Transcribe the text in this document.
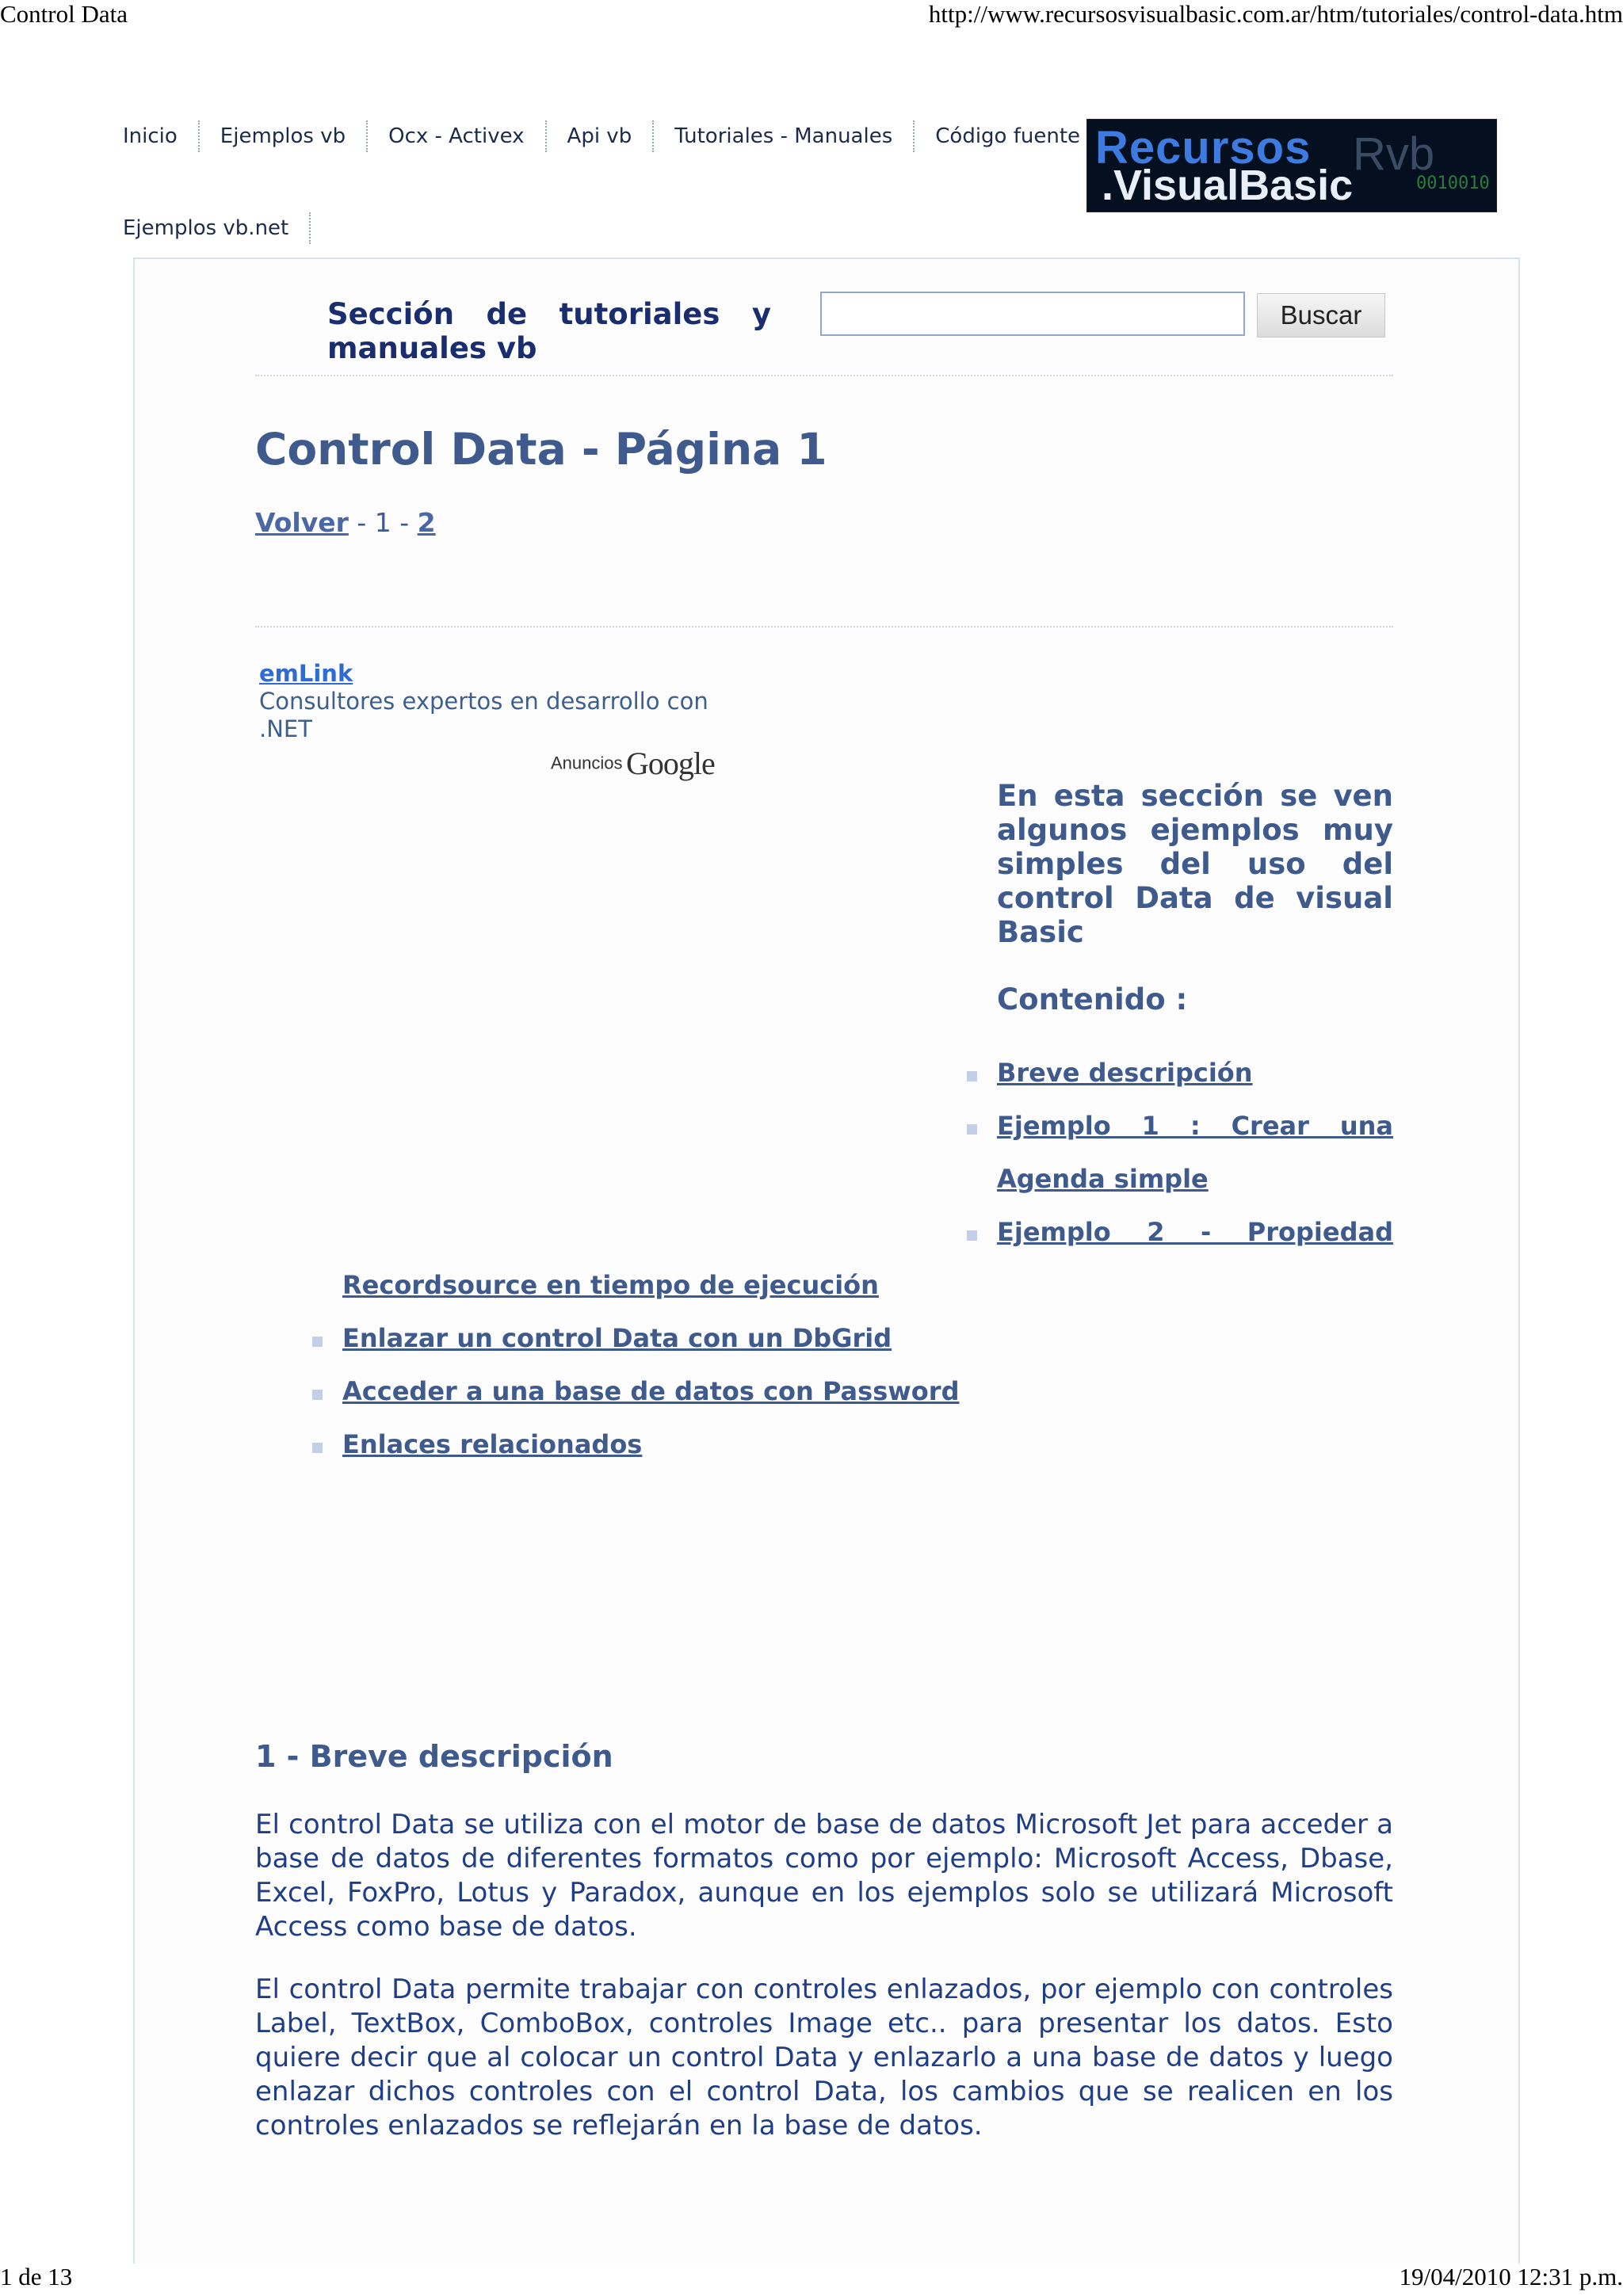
Control Data	http://www.recursosvisualbasic.com.ar/htm/tutoriales/control-data.htm
Inicio	Ejemplos vb	Ocx - Activex	Api vb	Tutoriales - Manuales	Código fuente
Ejemplos vb.net
Recursos Rvb
.VisualBasic	0010010
Sección de tutoriales y
manuales vb
Buscar
Control Data - Página 1
Volver - 1 - 2
emLink
Consultores expertos en desarrollo con .NET
Anuncios Google
En esta sección se ven algunos ejemplos muy simples del uso del control Data de visual
Basic
Contenido :
Breve descripción
Ejemplo 1 : Crear una
Agenda simple
Ejemplo 2 - Propiedad
Recordsource en tiempo de ejecución
Enlazar un control Data con un DbGrid
Acceder a una base de datos con Password
Enlaces relacionados
1 - Breve descripción

El control Data se utiliza con el motor de base de datos Microsoft Jet para acceder a base de datos de diferentes formatos como por ejemplo: Microsoft Access, Dbase, Excel, FoxPro, Lotus y Paradox, aunque en los ejemplos solo se utilizará Microsoft Access como base de datos.

El control Data permite trabajar con controles enlazados, por ejemplo con controles Label, TextBox, ComboBox, controles Image etc.. para presentar los datos. Esto quiere decir que al colocar un control Data y enlazarlo a una base de datos y luego enlazar dichos controles con el control Data, los cambios que se realicen en los controles enlazados se reflejarán en la base de datos.

1 de 13	19/04/2010 12:31 p.m.
